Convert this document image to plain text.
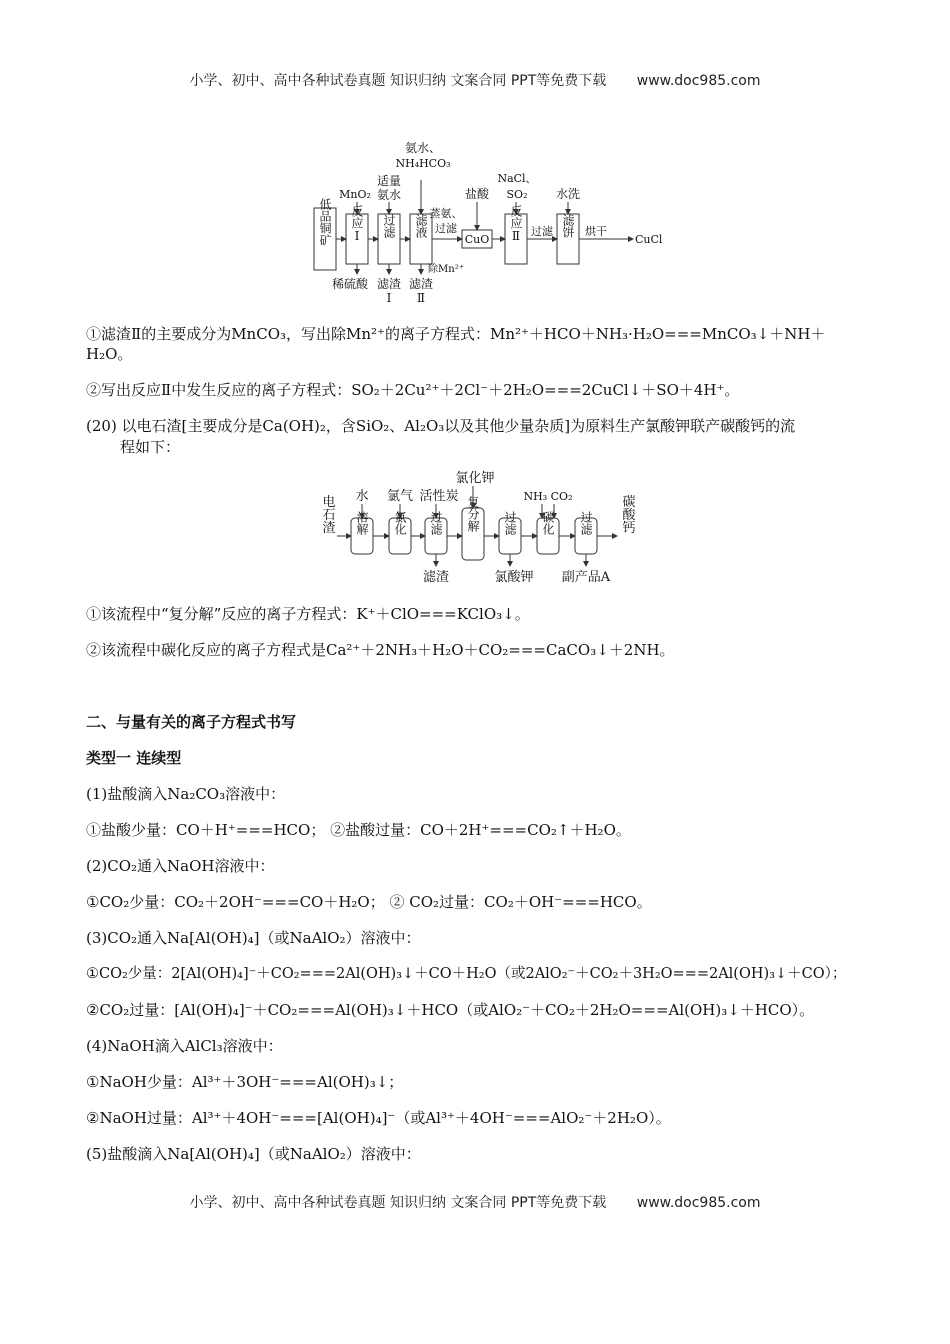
小学、初中、高中各种试卷真题 知识归纳 文案合同 PPT等免费下载 www.doc985.com
低品铜矿 反应Ⅰ 过滤 滤液
CuO 反应Ⅱ	滤饼
氨水、
NH₄HCO₃
MnO₂
适量
氨水	盐酸
NaCl、
SO₂ 水洗
蒸氨、
过滤	过滤	烘干
CuCl
稀硫酸 滤渣
Ⅰ
除Mn²⁺
滤渣
Ⅱ
①滤渣Ⅱ的主要成分为MnCO₃，写出除Mn²⁺的离子方程式：Mn²⁺＋HCO＋NH₃·H₂O===MnCO₃↓＋NH＋
H₂O。
②写出反应Ⅱ中发生反应的离子方程式：SO₂＋2Cu²⁺＋2Cl⁻＋2H₂O===2CuCl↓＋SO＋4H⁺。
(20) 以电石渣[主要成分是Ca(OH)₂，含SiO₂、Al₂O₃以及其他少量杂质]为原料生产氯酸钾联产碳酸钙的流
程如下：
电石渣 溶解 氯化 过滤 复分解 过滤 碳化 过滤 碳酸钙
水 氯气 活性炭
氯化钾
NH₃ CO₂
滤渣	氯酸钾 副产品A
①该流程中“复分解”反应的离子方程式：K⁺＋ClO===KClO₃↓。
②该流程中碳化反应的离子方程式是Ca²⁺＋2NH₃＋H₂O＋CO₂===CaCO₃↓＋2NH。
二、与量有关的离子方程式书写
类型一 连续型
(1)盐酸滴入Na₂CO₃溶液中：
①盐酸少量：CO＋H⁺===HCO； ②盐酸过量：CO＋2H⁺===CO₂↑＋H₂O。
(2)CO₂通入NaOH溶液中：
①CO₂少量：CO₂＋2OH⁻===CO＋H₂O； ② CO₂过量：CO₂＋OH⁻===HCO。
(3)CO₂通入Na[Al(OH)₄]（或NaAlO₂）溶液中：
①CO₂少量：2[Al(OH)₄]⁻＋CO₂===2Al(OH)₃↓＋CO＋H₂O（或2AlO₂⁻＋CO₂＋3H₂O===2Al(OH)₃↓＋CO）；
②CO₂过量：[Al(OH)₄]⁻＋CO₂===Al(OH)₃↓＋HCO（或AlO₂⁻＋CO₂＋2H₂O===Al(OH)₃↓＋HCO）。
(4)NaOH滴入AlCl₃溶液中：
①NaOH少量：Al³⁺＋3OH⁻===Al(OH)₃↓；
②NaOH过量：Al³⁺＋4OH⁻===[Al(OH)₄]⁻（或Al³⁺＋4OH⁻===AlO₂⁻＋2H₂O）。
(5)盐酸滴入Na[Al(OH)₄]（或NaAlO₂）溶液中：
小学、初中、高中各种试卷真题 知识归纳 文案合同 PPT等免费下载 www.doc985.com
